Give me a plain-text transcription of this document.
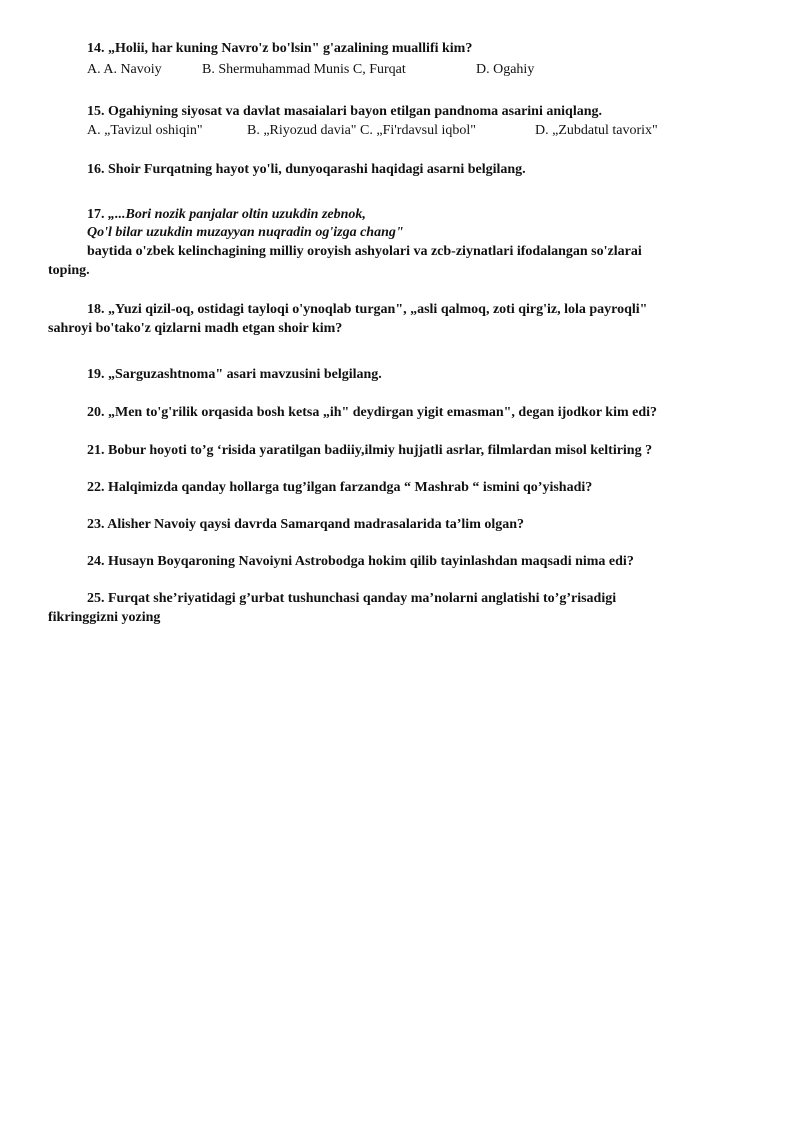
14. „Holii, har kuning Navro'z bo'lsin" g'azalining muallifi kim?
A. A. Navoiy	B. Shermuhammad Munis C, Furqat	D. Ogahiy
15. Ogahiyning siyosat va davlat masaialari bayon etilgan pandnoma asarini aniqlang.
A. „Tavizul oshiqin"	B. „Riyozud davia" C. „Fi'rdavsul iqbol"	D. „Zubdatul tavorix"
16. Shoir Furqatning hayot yo'li, dunyoqarashi haqidagi asarni belgilang.
17. „...Bori nozik panjalar oltin uzukdin zebnok,
Qo'l bilar uzukdin muzayyan nuqradin og'izga chang"
baytida o'zbek kelinchagining milliy oroyish ashyolari va zcb-ziynatlari ifodalangan so'zlarai
toping.
18. „Yuzi qizil-oq, ostidagi tayloqi o'ynoqlab turgan", „asli qalmoq, zoti qirg'iz, lola payroqli"
sahroyi bo'tako'z qizlarni madh etgan shoir kim?
19. „Sarguzashtnoma" asari mavzusini belgilang.
20. „Men to'g'rilik orqasida bosh ketsa „ih" deydirgan yigit emasman", degan ijodkor kim edi?
21. Bobur hoyoti to’g ‘risida yaratilgan badiiy,ilmiy hujjatli asrlar, filmlardan misol keltiring ?
22. Halqimizda qanday hollarga tug’ilgan farzandga “ Mashrab “ ismini qo’yishadi?
23. Alisher Navoiy qaysi davrda Samarqand madrasalarida ta’lim olgan?
24. Husayn Boyqaroning Navoiyni Astrobodga hokim qilib tayinlashdan maqsadi nima edi?
25. Furqat she’riyatidagi g’urbat tushunchasi qanday ma’nolarni anglatishi to’g’risadigi
fikringgizni yozing
